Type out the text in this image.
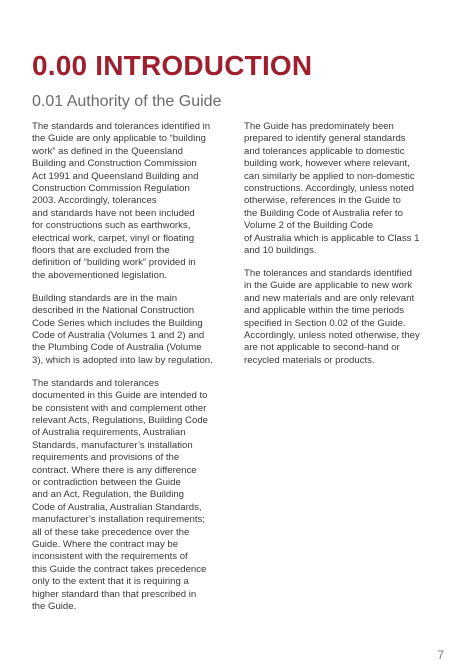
0.00 INTRODUCTION
0.01 Authority of the Guide

The standards and tolerances identified in
the Guide are only applicable to “building
work” as defined in the Queensland
Building and Construction Commission
Act 1991 and Queensland Building and
Construction Commission Regulation
2003. Accordingly, tolerances
and standards have not been included
for constructions such as earthworks,
electrical work, carpet, vinyl or floating
floors that are excluded from the
definition of “building work” provided in
the abovementioned legislation.

Building standards are in the main
described in the National Construction
Code Series which includes the Building
Code of Australia (Volumes 1 and 2) and
the Plumbing Code of Australia (Volume
3), which is adopted into law by regulation.

The standards and tolerances
documented in this Guide are intended to
be consistent with and complement other
relevant Acts, Regulations, Building Code
of Australia requirements, Australian
Standards, manufacturer’s installation
requirements and provisions of the
contract. Where there is any difference
or contradiction between the Guide
and an Act, Regulation, the Building
Code of Australia, Australian Standards,
manufacturer’s installation requirements;
all of these take precedence over the
Guide. Where the contract may be
inconsistent with the requirements of
this Guide the contract takes precedence
only to the extent that it is requiring a
higher standard than that prescribed in
the Guide.

The Guide has predominately been
prepared to identify general standards
and tolerances applicable to domestic
building work, however where relevant,
can similarly be applied to non-domestic
constructions. Accordingly, unless noted
otherwise, references in the Guide to
the Building Code of Australia refer to
Volume 2 of the Building Code
of Australia which is applicable to Class 1
and 10 buildings.

The tolerances and standards identified
in the Guide are applicable to new work
and new materials and are only relevant
and applicable within the time periods
specified in Section 0.02 of the Guide.
Accordingly, unless noted otherwise, they
are not applicable to second-hand or
recycled materials or products.

7
